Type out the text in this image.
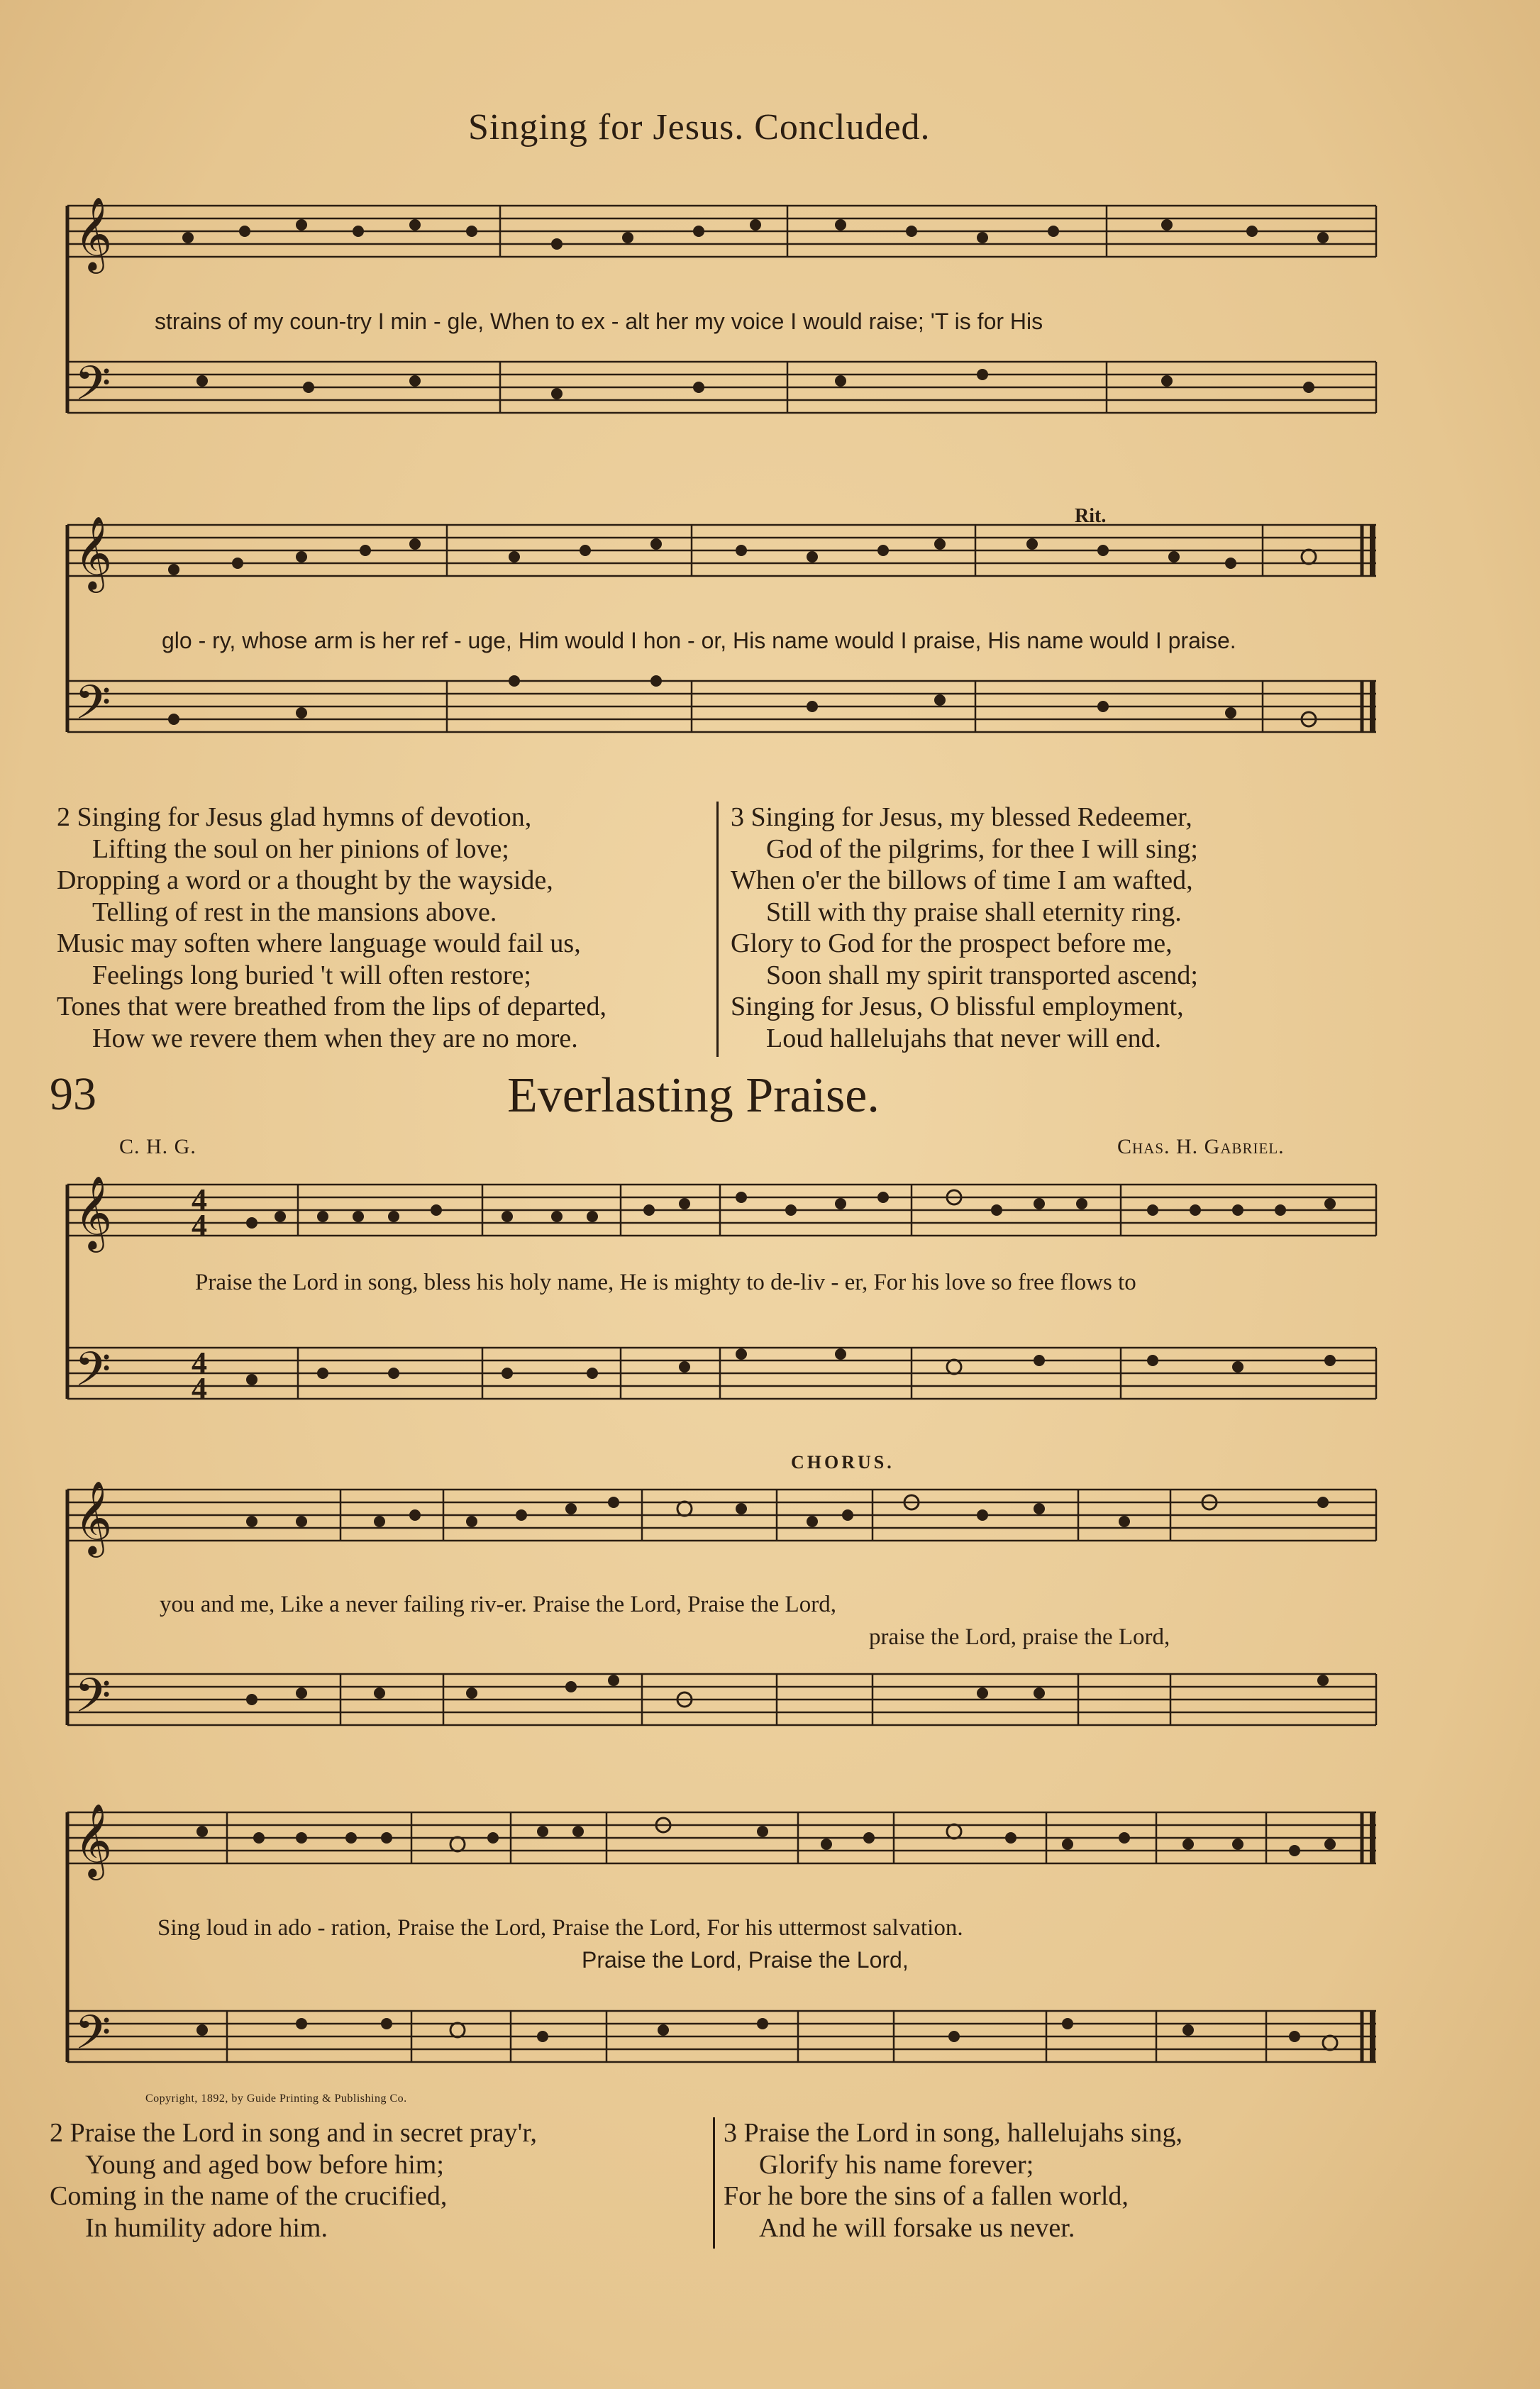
Singing for Jesus. Concluded.
𝄞
𝄢
strains of my coun-try I min - gle, When to ex - alt her my voice I would raise; 'T is for His
𝄞
𝄢
Rit.
glo - ry, whose arm is her ref - uge, Him would I hon - or, His name would I praise, His name would I praise.
2 Singing for Jesus glad hymns of devotion,
Lifting the soul on her pinions of love;
Dropping a word or a thought by the wayside,
Telling of rest in the mansions above.
Music may soften where language would fail us,
Feelings long buried 't will often restore;
Tones that were breathed from the lips of departed,
How we revere them when they are no more.
3 Singing for Jesus, my blessed Redeemer,
God of the pilgrims, for thee I will sing;
When o'er the billows of time I am wafted,
Still with thy praise shall eternity ring.
Glory to God for the prospect before me,
Soon shall my spirit transported ascend;
Singing for Jesus, O blissful employment,
Loud hallelujahs that never will end.
93	Everlasting Praise.
C. H. G.	Chas. H. Gabriel.
𝄞
𝄢
4
4
4
4
Praise the Lord in song, bless his holy name, He is mighty to de-liv - er, For his love so free flows to
CHORUS.
𝄞
𝄢
you and me, Like a never failing riv-er. Praise the Lord, Praise the Lord,
praise the Lord, praise the Lord,
𝄞
𝄢
Sing loud in ado - ration, Praise the Lord, Praise the Lord, For his uttermost salvation.
Praise the Lord, Praise the Lord,
Copyright, 1892, by Guide Printing & Publishing Co.
2 Praise the Lord in song and in secret pray'r,
Young and aged bow before him;
Coming in the name of the crucified,
In humility adore him.
3 Praise the Lord in song, hallelujahs sing,
Glorify his name forever;
For he bore the sins of a fallen world,
And he will forsake us never.
